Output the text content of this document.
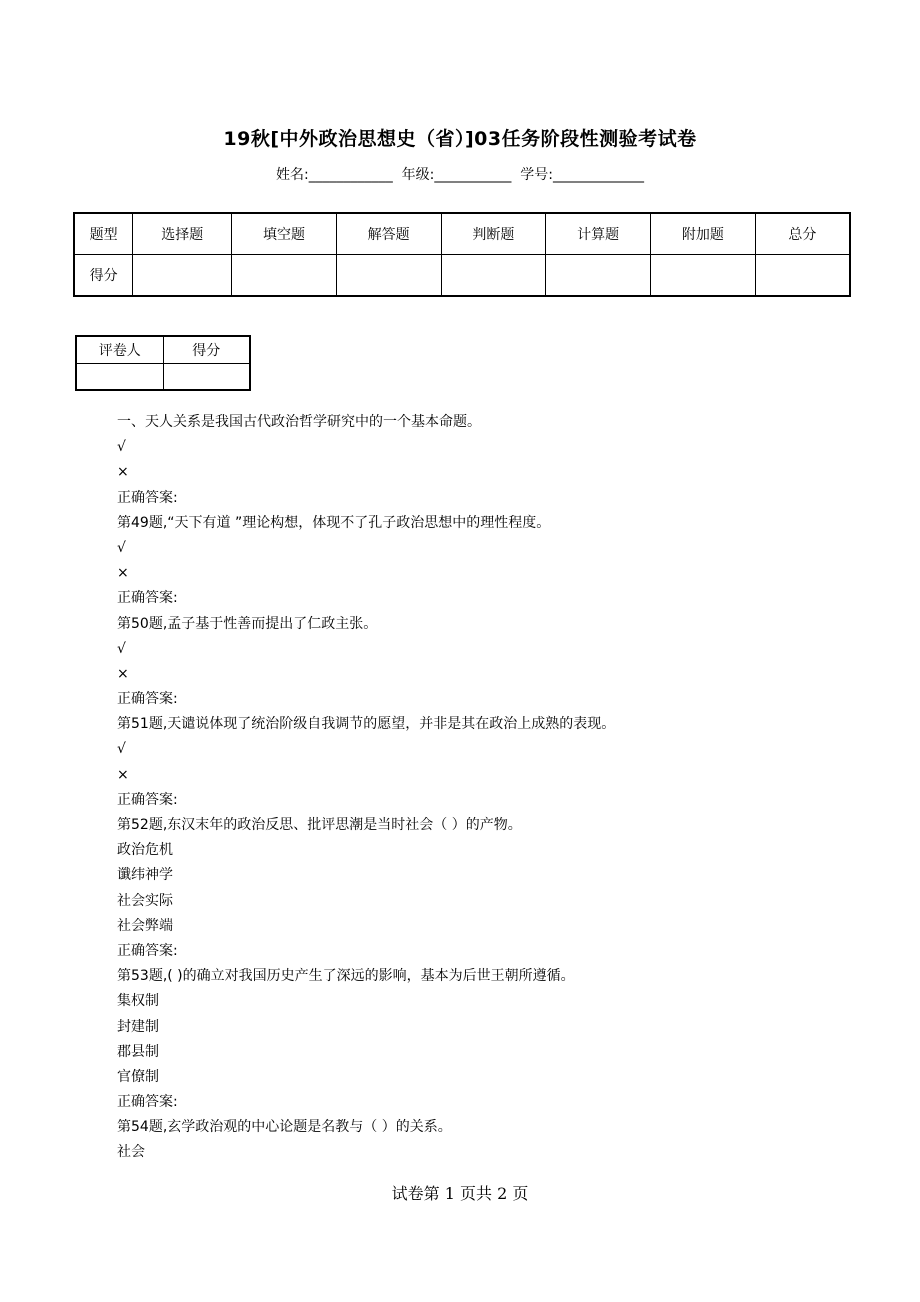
19秋[中外政治思想史（省）]03任务阶段性测验考试卷
姓名:____________ 年级:___________ 学号:_____________
题型	选择题	填空题	解答题	判断题	计算题	附加题	总分
得分							
评卷人	得分

一、天人关系是我国古代政治哲学研究中的一个基本命题。
√
×
正确答案:
第49题,“天下有道 ”理论构想，体现不了孔子政治思想中的理性程度。
√
×
正确答案:
第50题,孟子基于性善而提出了仁政主张。
√
×
正确答案:
第51题,天谴说体现了统治阶级自我调节的愿望，并非是其在政治上成熟的表现。
√
×
正确答案:
第52题,东汉末年的政治反思、批评思潮是当时社会（ ）的产物。
政治危机
谶纬神学
社会实际
社会弊端
正确答案:
第53题,( )的确立对我国历史产生了深远的影响，基本为后世王朝所遵循。
集权制
封建制
郡县制
官僚制
正确答案:
第54题,玄学政治观的中心论题是名教与（ ）的关系。
社会
试卷第 1 页共 2 页
